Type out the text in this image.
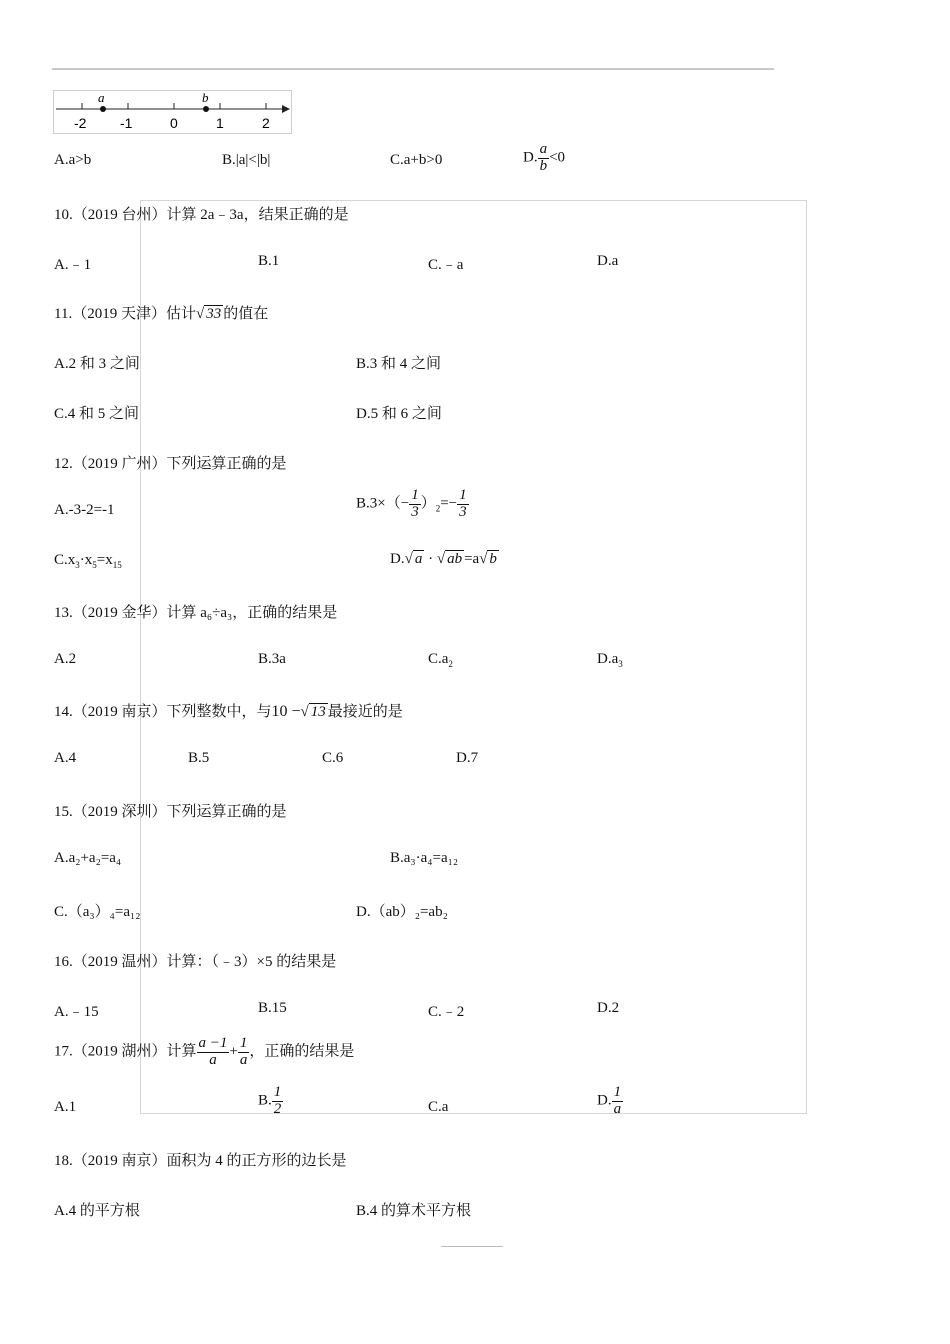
a	b
-2 -1	0	1	2
A.a>b	B.|a|<|b|	C.a+b>0	D. $\frac{a}{b} <0$
10.（2019 台州）计算 2a﹣3a，结果正确的是
A.﹣1	B.1	C.﹣a	D.a
11.（2019 天津）估计√ 33 的值在
A.2 和 3 之间	B.3 和 4 之间
C.4 和 5 之间	D.5 和 6 之间
12.（2019 广州）下列运算正确的是
A.-3-2=-1	$B.3\times(- \frac{1}{3} )_2=- \frac{1}{3}$
$C.x_3\cdot x_5=x_{15}$	D.√ a · √ ab =a√ b
13.（2019 金华）计算 a₆÷a₃，正确的结果是
A.2	B.3a	$C.a_2$	$D.a_3$
14.（2019 南京）下列整数中，与10 −√ 13 最接近的是
A.4	B.5	C.6	D.7
15.（2019 深圳）下列运算正确的是
A.a₂+a₂=a₄	B.a₃·a₄=a₁₂
C.（a₃）₄=a₁₂	D.（ab）₂=ab₂
16.（2019 温州）计算：（﹣3）×5 的结果是
A.﹣15	B.15	C.﹣2	D.2
17.（2019 湖州）计算 $\frac{a -1}{a} + \frac{1}{a}$ ，正确的结果是
A.1	B. $\frac{1}{2}$	C.a	D. $\frac{1}{a}$
18.（2019 南京）面积为 4 的正方形的边长是
A.4 的平方根	B.4 的算术平方根
